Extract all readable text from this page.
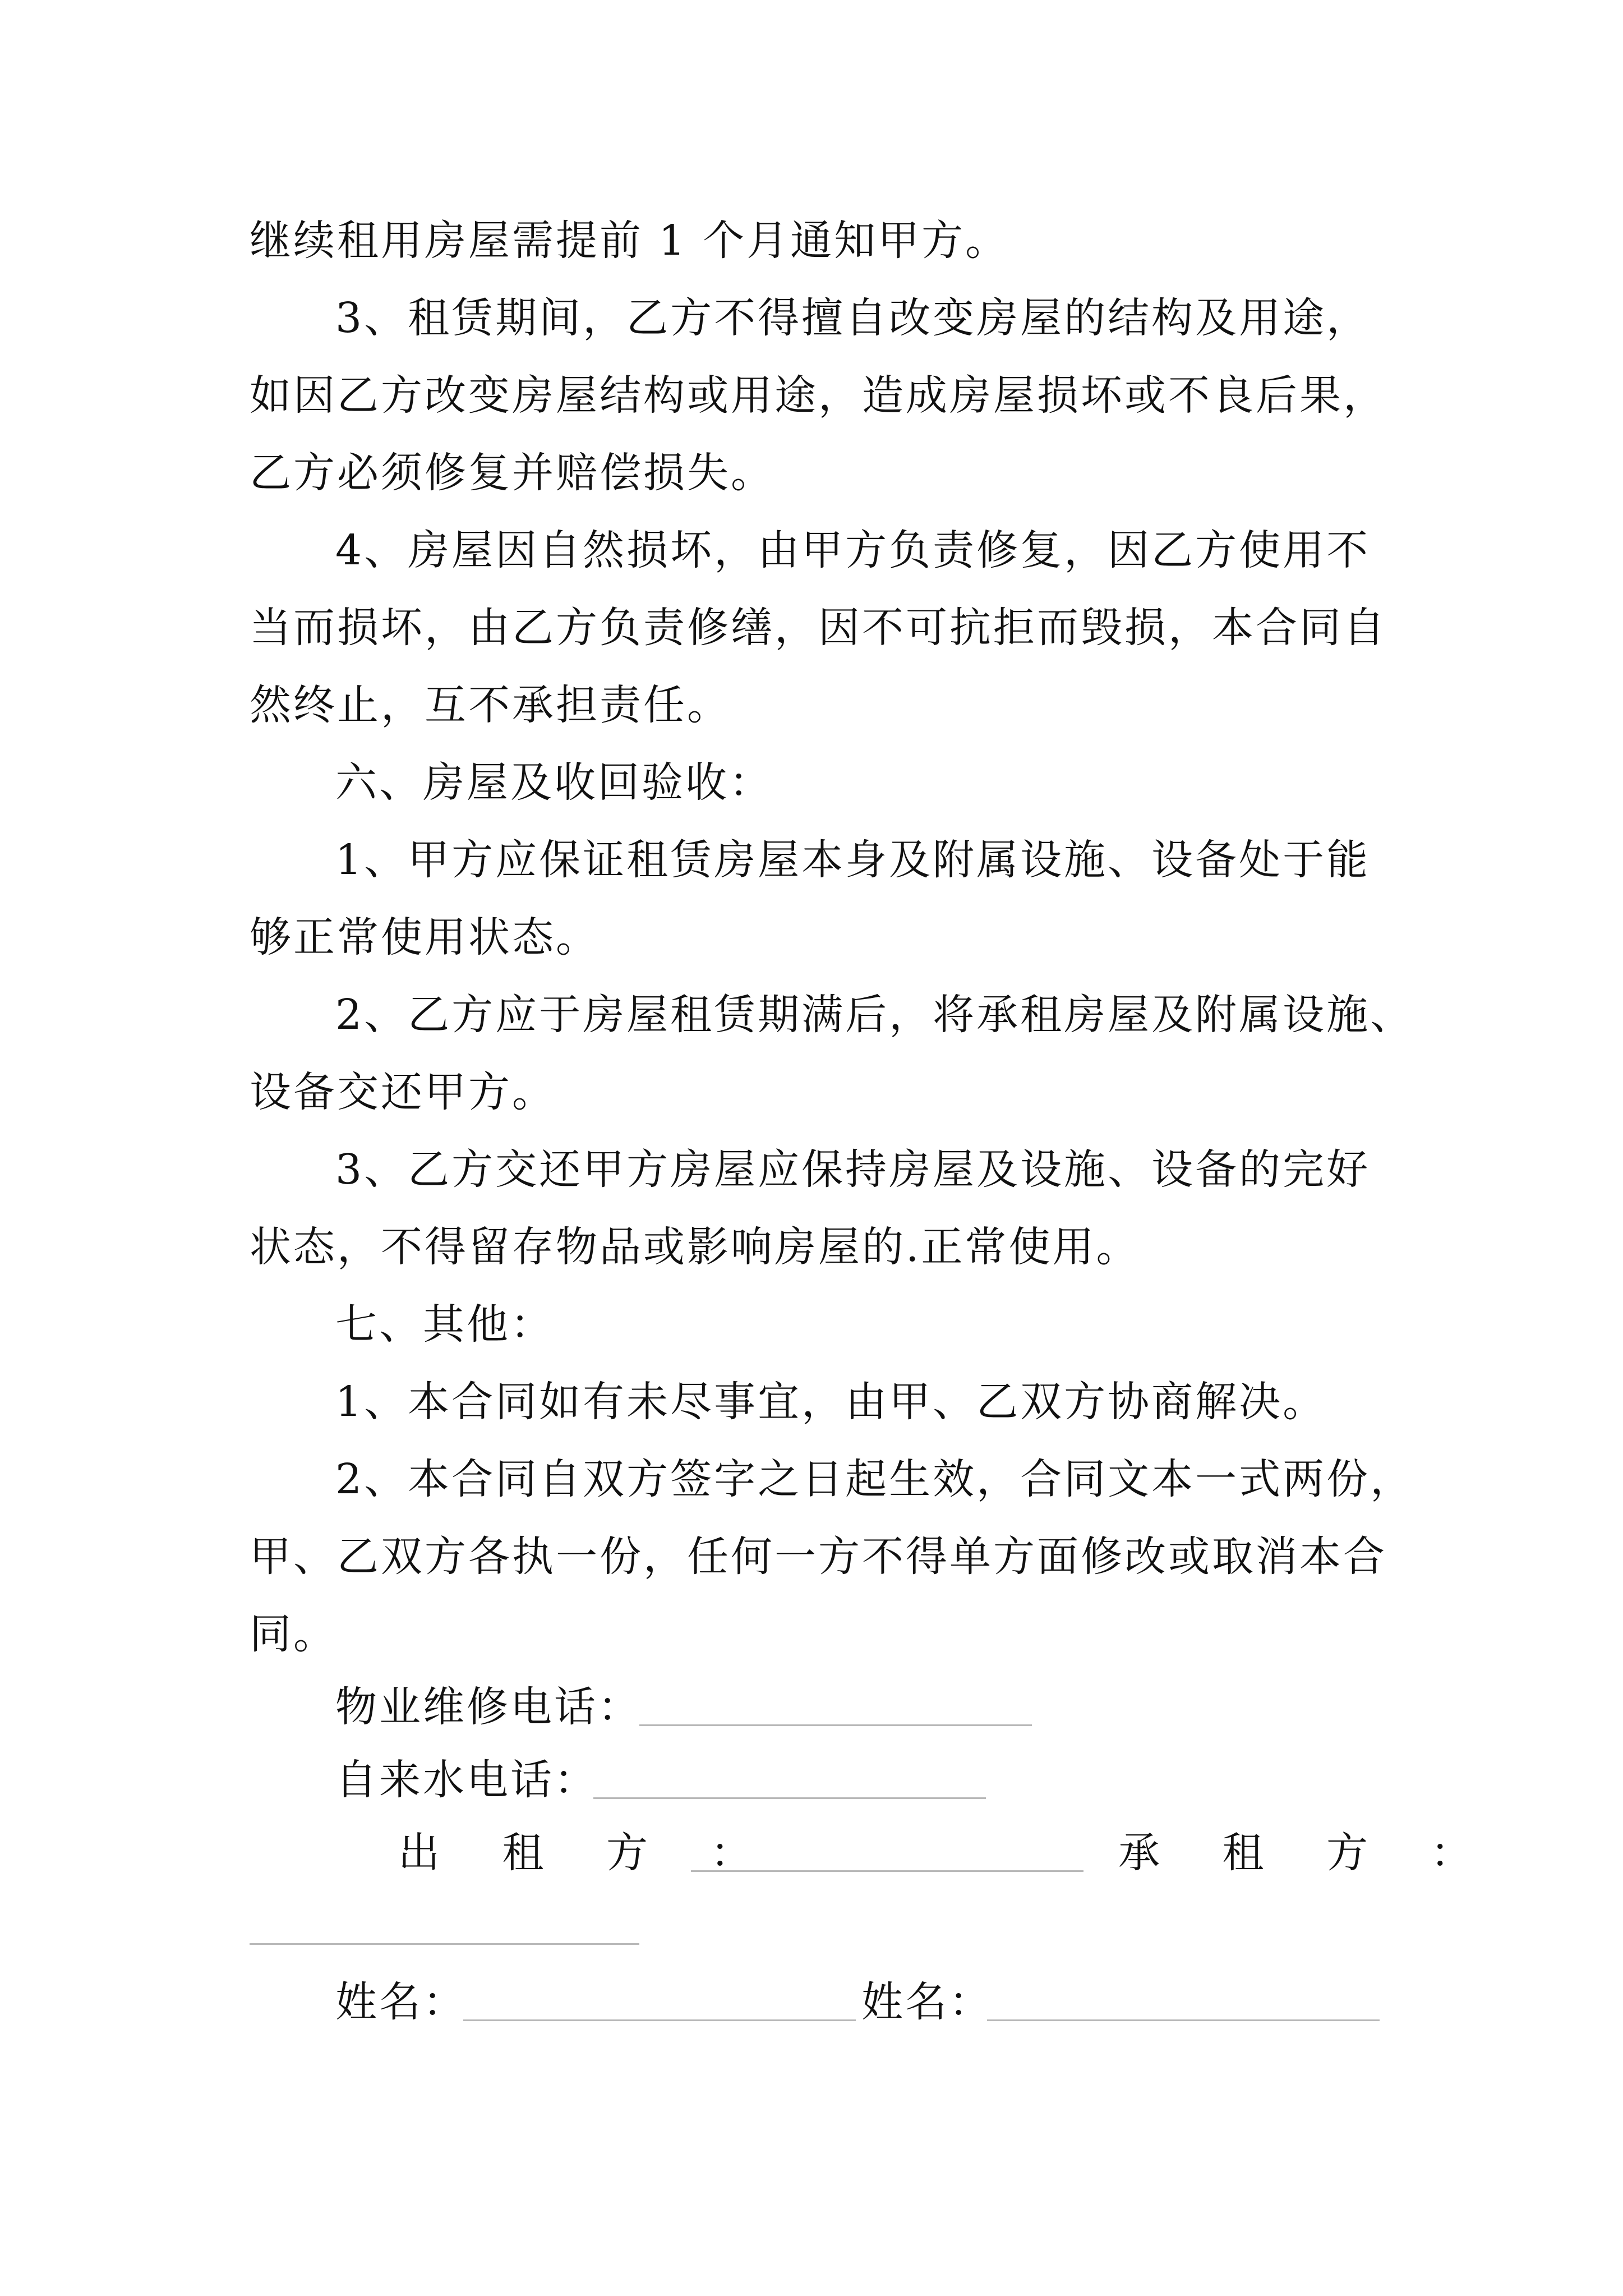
继续租用房屋需提前 1 个月通知甲方。
3、租赁期间，乙方不得擅自改变房屋的结构及用途，
如因乙方改变房屋结构或用途，造成房屋损坏或不良后果，
乙方必须修复并赔偿损失。
4、房屋因自然损坏，由甲方负责修复，因乙方使用不
当而损坏，由乙方负责修缮，因不可抗拒而毁损，本合同自
然终止，互不承担责任。
六、房屋及收回验收：
1、甲方应保证租赁房屋本身及附属设施、设备处于能
够正常使用状态。
2、乙方应于房屋租赁期满后，将承租房屋及附属设施、
设备交还甲方。
3、乙方交还甲方房屋应保持房屋及设施、设备的完好
状态，不得留存物品或影响房屋的.正常使用。
七、其他：
1、本合同如有未尽事宜，由甲、乙双方协商解决。
2、本合同自双方签字之日起生效，合同文本一式两份，
甲、乙双方各执一份，任何一方不得单方面修改或取消本合
同。
物业维修电话：
自来水电话：
出 租 方 ：	承 租 方 ：
姓名：	姓名：
